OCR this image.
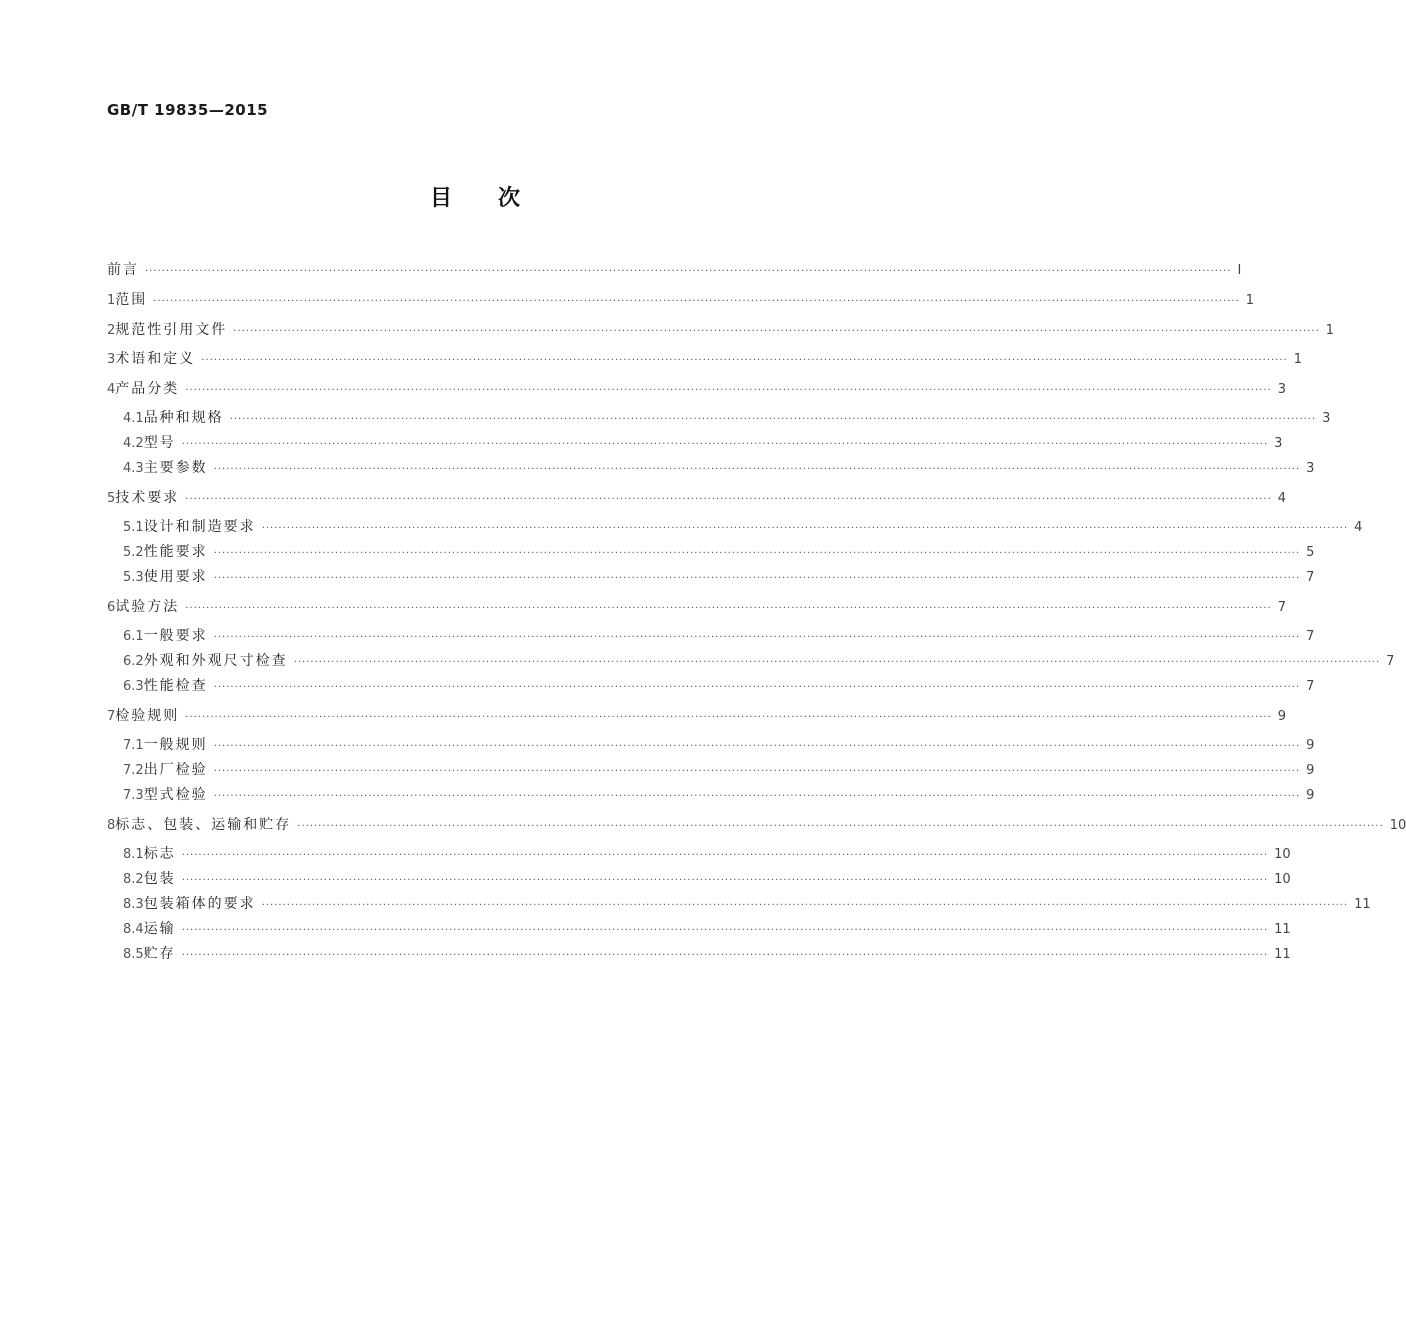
GB/T 19835—2015
目次
前言 ···································································································································································································································································· Ⅰ
1 范围 ···································································································································································································································································· 1
2 规范性引用文件 ···································································································································································································································································· 1
3 术语和定义 ···································································································································································································································································· 1
4 产品分类 ···································································································································································································································································· 3
4.1 品种和规格 ···································································································································································································································································· 3
4.2 型号 ···································································································································································································································································· 3
4.3 主要参数 ···································································································································································································································································· 3
5 技术要求 ···································································································································································································································································· 4
5.1 设计和制造要求 ···································································································································································································································································· 4
5.2 性能要求 ···································································································································································································································································· 5
5.3 使用要求 ···································································································································································································································································· 7
6 试验方法 ···································································································································································································································································· 7
6.1 一般要求 ···································································································································································································································································· 7
6.2 外观和外观尺寸检查 ···································································································································································································································································· 7
6.3 性能检查 ···································································································································································································································································· 7
7 检验规则 ···································································································································································································································································· 9
7.1 一般规则 ···································································································································································································································································· 9
7.2 出厂检验 ···································································································································································································································································· 9
7.3 型式检验 ···································································································································································································································································· 9
8 标志、包装、运输和贮存 ···································································································································································································································································· 10
8.1 标志 ···································································································································································································································································· 10
8.2 包装 ···································································································································································································································································· 10
8.3 包装箱体的要求 ···································································································································································································································································· 11
8.4 运输 ···································································································································································································································································· 11
8.5 贮存 ···································································································································································································································································· 11
